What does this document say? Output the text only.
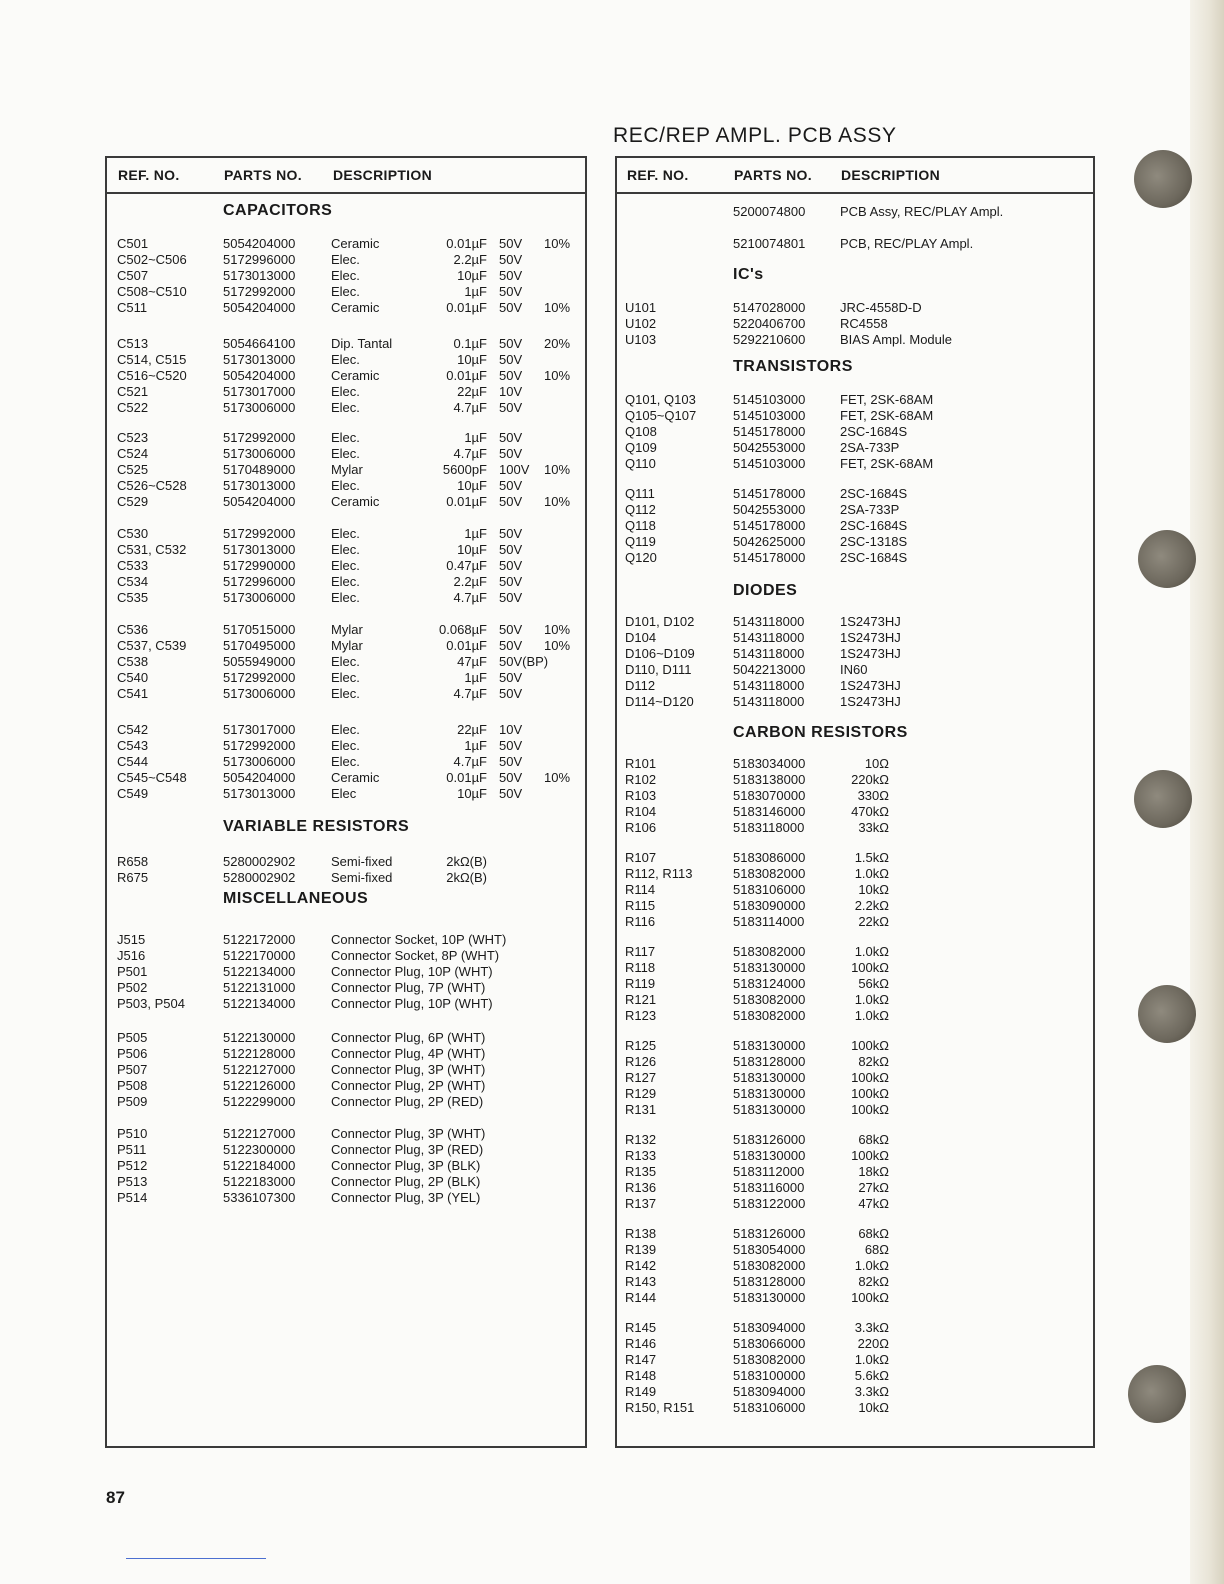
REC/REP AMPL. PCB ASSY
REF. NO.	PARTS NO. DESCRIPTION
CAPACITORS
C501	5054204000	Ceramic	0.01µF 50V 10%
C502~C506	5172996000	Elec.	2.2µF 50V
C507	5173013000	Elec.	10µF 50V
C508~C510	5172992000	Elec.	1µF 50V
C511	5054204000	Ceramic	0.01µF 50V 10%
C513	5054664100	Dip. Tantal	0.1µF 50V 20%
C514, C515	5173013000	Elec.	10µF 50V
C516~C520	5054204000	Ceramic	0.01µF 50V 10%
C521	5173017000	Elec.	22µF 10V
C522	5173006000	Elec.	4.7µF 50V
C523	5172992000	Elec.	1µF 50V
C524	5173006000	Elec.	4.7µF 50V
C525	5170489000	Mylar	5600pF 100V 10%
C526~C528	5173013000	Elec.	10µF 50V
C529	5054204000	Ceramic	0.01µF 50V 10%
C530	5172992000	Elec.	1µF 50V
C531, C532	5173013000	Elec.	10µF 50V
C533	5172990000	Elec.	0.47µF 50V
C534	5172996000	Elec.	2.2µF 50V
C535	5173006000	Elec.	4.7µF 50V
C536	5170515000	Mylar	0.068µF 50V 10%
C537, C539	5170495000	Mylar	0.01µF 50V 10%
C538	5055949000	Elec.	47µF 50V(BP)
C540	5172992000	Elec.	1µF 50V
C541	5173006000	Elec.	4.7µF 50V
C542	5173017000	Elec.	22µF 10V
C543	5172992000	Elec.	1µF 50V
C544	5173006000	Elec.	4.7µF 50V
C545~C548	5054204000	Ceramic	0.01µF 50V 10%
C549	5173013000	Elec	10µF 50V
VARIABLE RESISTORS
R658	5280002902	Semi-fixed	2kΩ(B)
R675	5280002902	Semi-fixed	2kΩ(B)
MISCELLANEOUS
J515	5122172000	Connector Socket, 10P (WHT)
J516	5122170000	Connector Socket, 8P (WHT)
P501	5122134000	Connector Plug, 10P (WHT)
P502	5122131000	Connector Plug, 7P (WHT)
P503, P504	5122134000	Connector Plug, 10P (WHT)
P505	5122130000	Connector Plug, 6P (WHT)
P506	5122128000	Connector Plug, 4P (WHT)
P507	5122127000	Connector Plug, 3P (WHT)
P508	5122126000	Connector Plug, 2P (WHT)
P509	5122299000	Connector Plug, 2P (RED)
P510	5122127000	Connector Plug, 3P (WHT)
P511	5122300000	Connector Plug, 3P (RED)
P512	5122184000	Connector Plug, 3P (BLK)
P513	5122183000	Connector Plug, 2P (BLK)
P514	5336107300	Connector Plug, 3P (YEL)
REF. NO.	PARTS NO. DESCRIPTION
5200074800	PCB Assy, REC/PLAY Ampl.
5210074801	PCB, REC/PLAY Ampl.
IC's
U101	5147028000	JRC-4558D-D
U102	5220406700	RC4558
U103	5292210600	BIAS Ampl. Module
TRANSISTORS
Q101, Q103	5145103000	FET, 2SK-68AM
Q105~Q107	5145103000	FET, 2SK-68AM
Q108	5145178000	2SC-1684S
Q109	5042553000	2SA-733P
Q110	5145103000	FET, 2SK-68AM
Q111	5145178000	2SC-1684S
Q112	5042553000	2SA-733P
Q118	5145178000	2SC-1684S
Q119	5042625000	2SC-1318S
Q120	5145178000	2SC-1684S
DIODES
D101, D102	5143118000	1S2473HJ
D104	5143118000	1S2473HJ
D106~D109	5143118000	1S2473HJ
D110, D111	5042213000	IN60
D112	5143118000	1S2473HJ
D114~D120	5143118000	1S2473HJ
CARBON RESISTORS
R101	5183034000	10Ω
R102	5183138000	220kΩ
R103	5183070000	330Ω
R104	5183146000	470kΩ
R106	5183118000	33kΩ
R107	5183086000	1.5kΩ
R112, R113	5183082000	1.0kΩ
R114	5183106000	10kΩ
R115	5183090000	2.2kΩ
R116	5183114000	22kΩ
R117	5183082000	1.0kΩ
R118	5183130000	100kΩ
R119	5183124000	56kΩ
R121	5183082000	1.0kΩ
R123	5183082000	1.0kΩ
R125	5183130000	100kΩ
R126	5183128000	82kΩ
R127	5183130000	100kΩ
R129	5183130000	100kΩ
R131	5183130000	100kΩ
R132	5183126000	68kΩ
R133	5183130000	100kΩ
R135	5183112000	18kΩ
R136	5183116000	27kΩ
R137	5183122000	47kΩ
R138	5183126000	68kΩ
R139	5183054000	68Ω
R142	5183082000	1.0kΩ
R143	5183128000	82kΩ
R144	5183130000	100kΩ
R145	5183094000	3.3kΩ
R146	5183066000	220Ω
R147	5183082000	1.0kΩ
R148	5183100000	5.6kΩ
R149	5183094000	3.3kΩ
R150, R151	5183106000	10kΩ
87
